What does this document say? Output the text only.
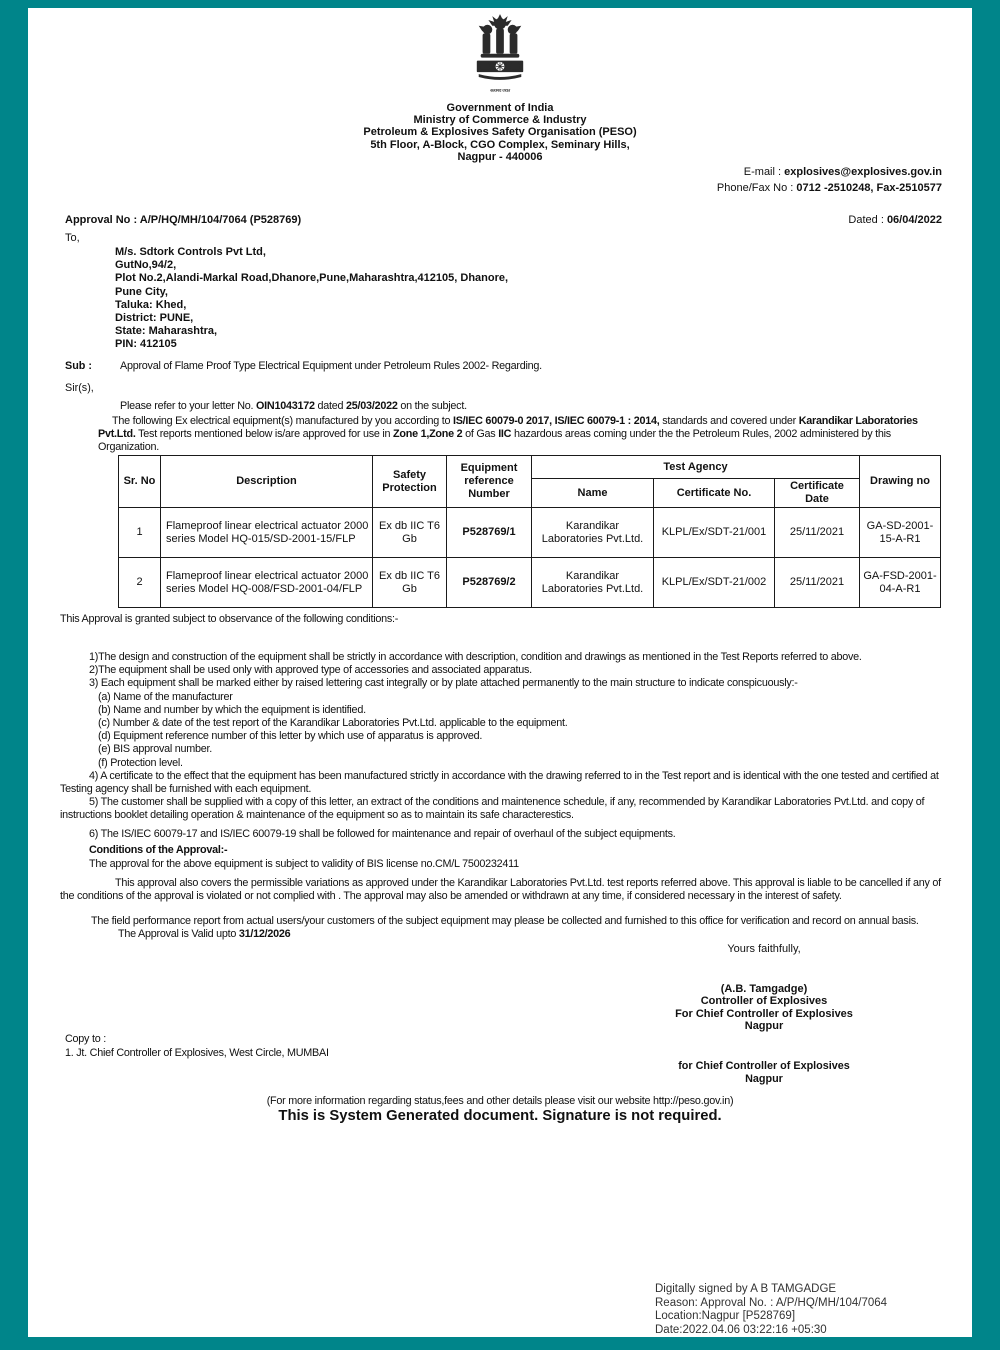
सत्यमेव जयते
Government of India
Ministry of Commerce & Industry
Petroleum & Explosives Safety Organisation (PESO)
5th Floor, A-Block, CGO Complex, Seminary Hills,
Nagpur - 440006
E-mail : explosives@explosives.gov.in
Phone/Fax No : 0712 -2510248, Fax-2510577
Approval No : A/P/HQ/MH/104/7064 (P528769)	Dated : 06/04/2022
To,
M/s. Sdtork Controls Pvt Ltd,
GutNo,94/2,
Plot No.2,Alandi-Markal Road,Dhanore,Pune,Maharashtra,412105, Dhanore,
Pune City,
Taluka: Khed,
District: PUNE,
State: Maharashtra,
PIN: 412105
Sub :	Approval of Flame Proof Type Electrical Equipment under Petroleum Rules 2002- Regarding.
Sir(s),
Please refer to your letter No. OIN1043172 dated 25/03/2022 on the subject.
The following Ex electrical equipment(s) manufactured by you according to IS/IEC 60079-0 2017, IS/IEC 60079-1 : 2014, standards and covered under Karandikar Laboratories Pvt.Ltd. Test reports mentioned below is/are approved for use in Zone 1,Zone 2 of Gas IIC hazardous areas coming under the the Petroleum Rules, 2002 administered by this Organization.
Sr. No	Description	Safety Protection	Equipment reference Number	Test Agency			Drawing no
				Name	Certificate No.	Certificate Date	
1	Flameproof linear electrical actuator 2000 series Model HQ-015/SD-2001-15/FLP	Ex db IIC T6 Gb	P528769/1	Karandikar Laboratories Pvt.Ltd.	KLPL/Ex/SDT-21/001	25/11/2021	GA-SD-2001-15-A-R1
2	Flameproof linear electrical actuator 2000 series Model HQ-008/FSD-2001-04/FLP	Ex db IIC T6 Gb	P528769/2	Karandikar Laboratories Pvt.Ltd.	KLPL/Ex/SDT-21/002	25/11/2021	GA-FSD-2001-04-A-R1
This Approval is granted subject to observance of the following conditions:-
1)The design and construction of the equipment shall be strictly in accordance with description, condition and drawings as mentioned in the Test Reports referred to above.
2)The equipment shall be used only with approved type of accessories and associated apparatus.
3) Each equipment shall be marked either by raised lettering cast integrally or by plate attached permanently to the main structure to indicate conspicuously:-
(a) Name of the manufacturer
(b) Name and number by which the equipment is identified.
(c) Number & date of the test report of the Karandikar Laboratories Pvt.Ltd. applicable to the equipment.
(d) Equipment reference number of this letter by which use of apparatus is approved.
(e) BIS approval number.
(f) Protection level.
4) A certificate to the effect that the equipment has been manufactured strictly in accordance with the drawing referred to in the Test report and is identical with the one tested and certified at Testing agency shall be furnished with each equipment.
5) The customer shall be supplied with a copy of this letter, an extract of the conditions and maintenence schedule, if any, recommended by Karandikar Laboratories Pvt.Ltd. and copy of instructions booklet detailing operation & maintenance of the equipment so as to maintain its safe characterestics.
6) The IS/IEC 60079-17 and IS/IEC 60079-19 shall be followed for maintenance and repair of overhaul of the subject equipments.
Conditions of the Approval:-
The approval for the above equipment is subject to validity of BIS license no.CM/L 7500232411
This approval also covers the permissible variations as approved under the Karandikar Laboratories Pvt.Ltd. test reports referred above. This approval is liable to be cancelled if any of the conditions of the approval is violated or not complied with . The approval may also be amended or withdrawn at any time, if considered necessary in the interest of safety.
The field performance report from actual users/your customers of the subject equipment may please be collected and furnished to this office for verification and record on annual basis.
The Approval is Valid upto 31/12/2026
Yours faithfully,
(A.B. Tamgadge)
Controller of Explosives
For Chief Controller of Explosives
Nagpur
Copy to :
1. Jt. Chief Controller of Explosives, West Circle, MUMBAI
for Chief Controller of Explosives
Nagpur
(For more information regarding status,fees and other details please visit our website http://peso.gov.in)
This is System Generated document. Signature is not required.
Digitally signed by A B TAMGADGE
Reason: Approval No. : A/P/HQ/MH/104/7064
Location:Nagpur [P528769]
Date:2022.04.06 03:22:16 +05:30
